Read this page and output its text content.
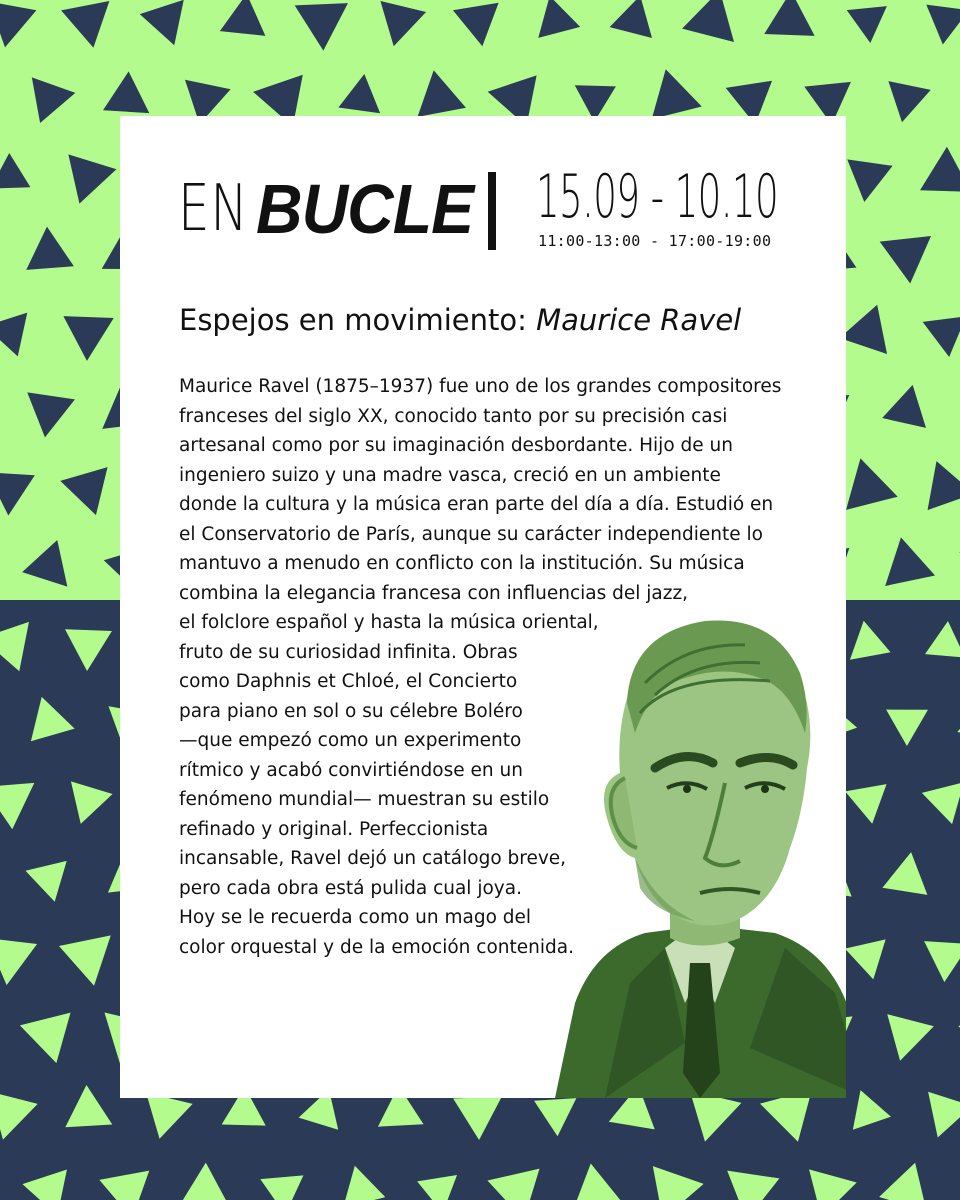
EN BUCLE 15.09 - 10.10
11:00-13:00 - 17:00-19:00
Espejos en movimiento: Maurice Ravel
Maurice Ravel (1875–1937) fue uno de los grandes compositores
franceses del siglo XX, conocido tanto por su precisión casi
artesanal como por su imaginación desbordante. Hijo de un
ingeniero suizo y una madre vasca, creció en un ambiente
donde la cultura y la música eran parte del día a día. Estudió en
el Conservatorio de París, aunque su carácter independiente lo
mantuvo a menudo en conflicto con la institución. Su música
combina la elegancia francesa con influencias del jazz,
el folclore español y hasta la música oriental,
fruto de su curiosidad infinita. Obras
como Daphnis et Chloé, el Concierto
para piano en sol o su célebre Boléro
—que empezó como un experimento
rítmico y acabó convirtiéndose en un
fenómeno mundial— muestran su estilo
refinado y original. Perfeccionista
incansable, Ravel dejó un catálogo breve,
pero cada obra está pulida cual joya.
Hoy se le recuerda como un mago del
color orquestal y de la emoción contenida.
